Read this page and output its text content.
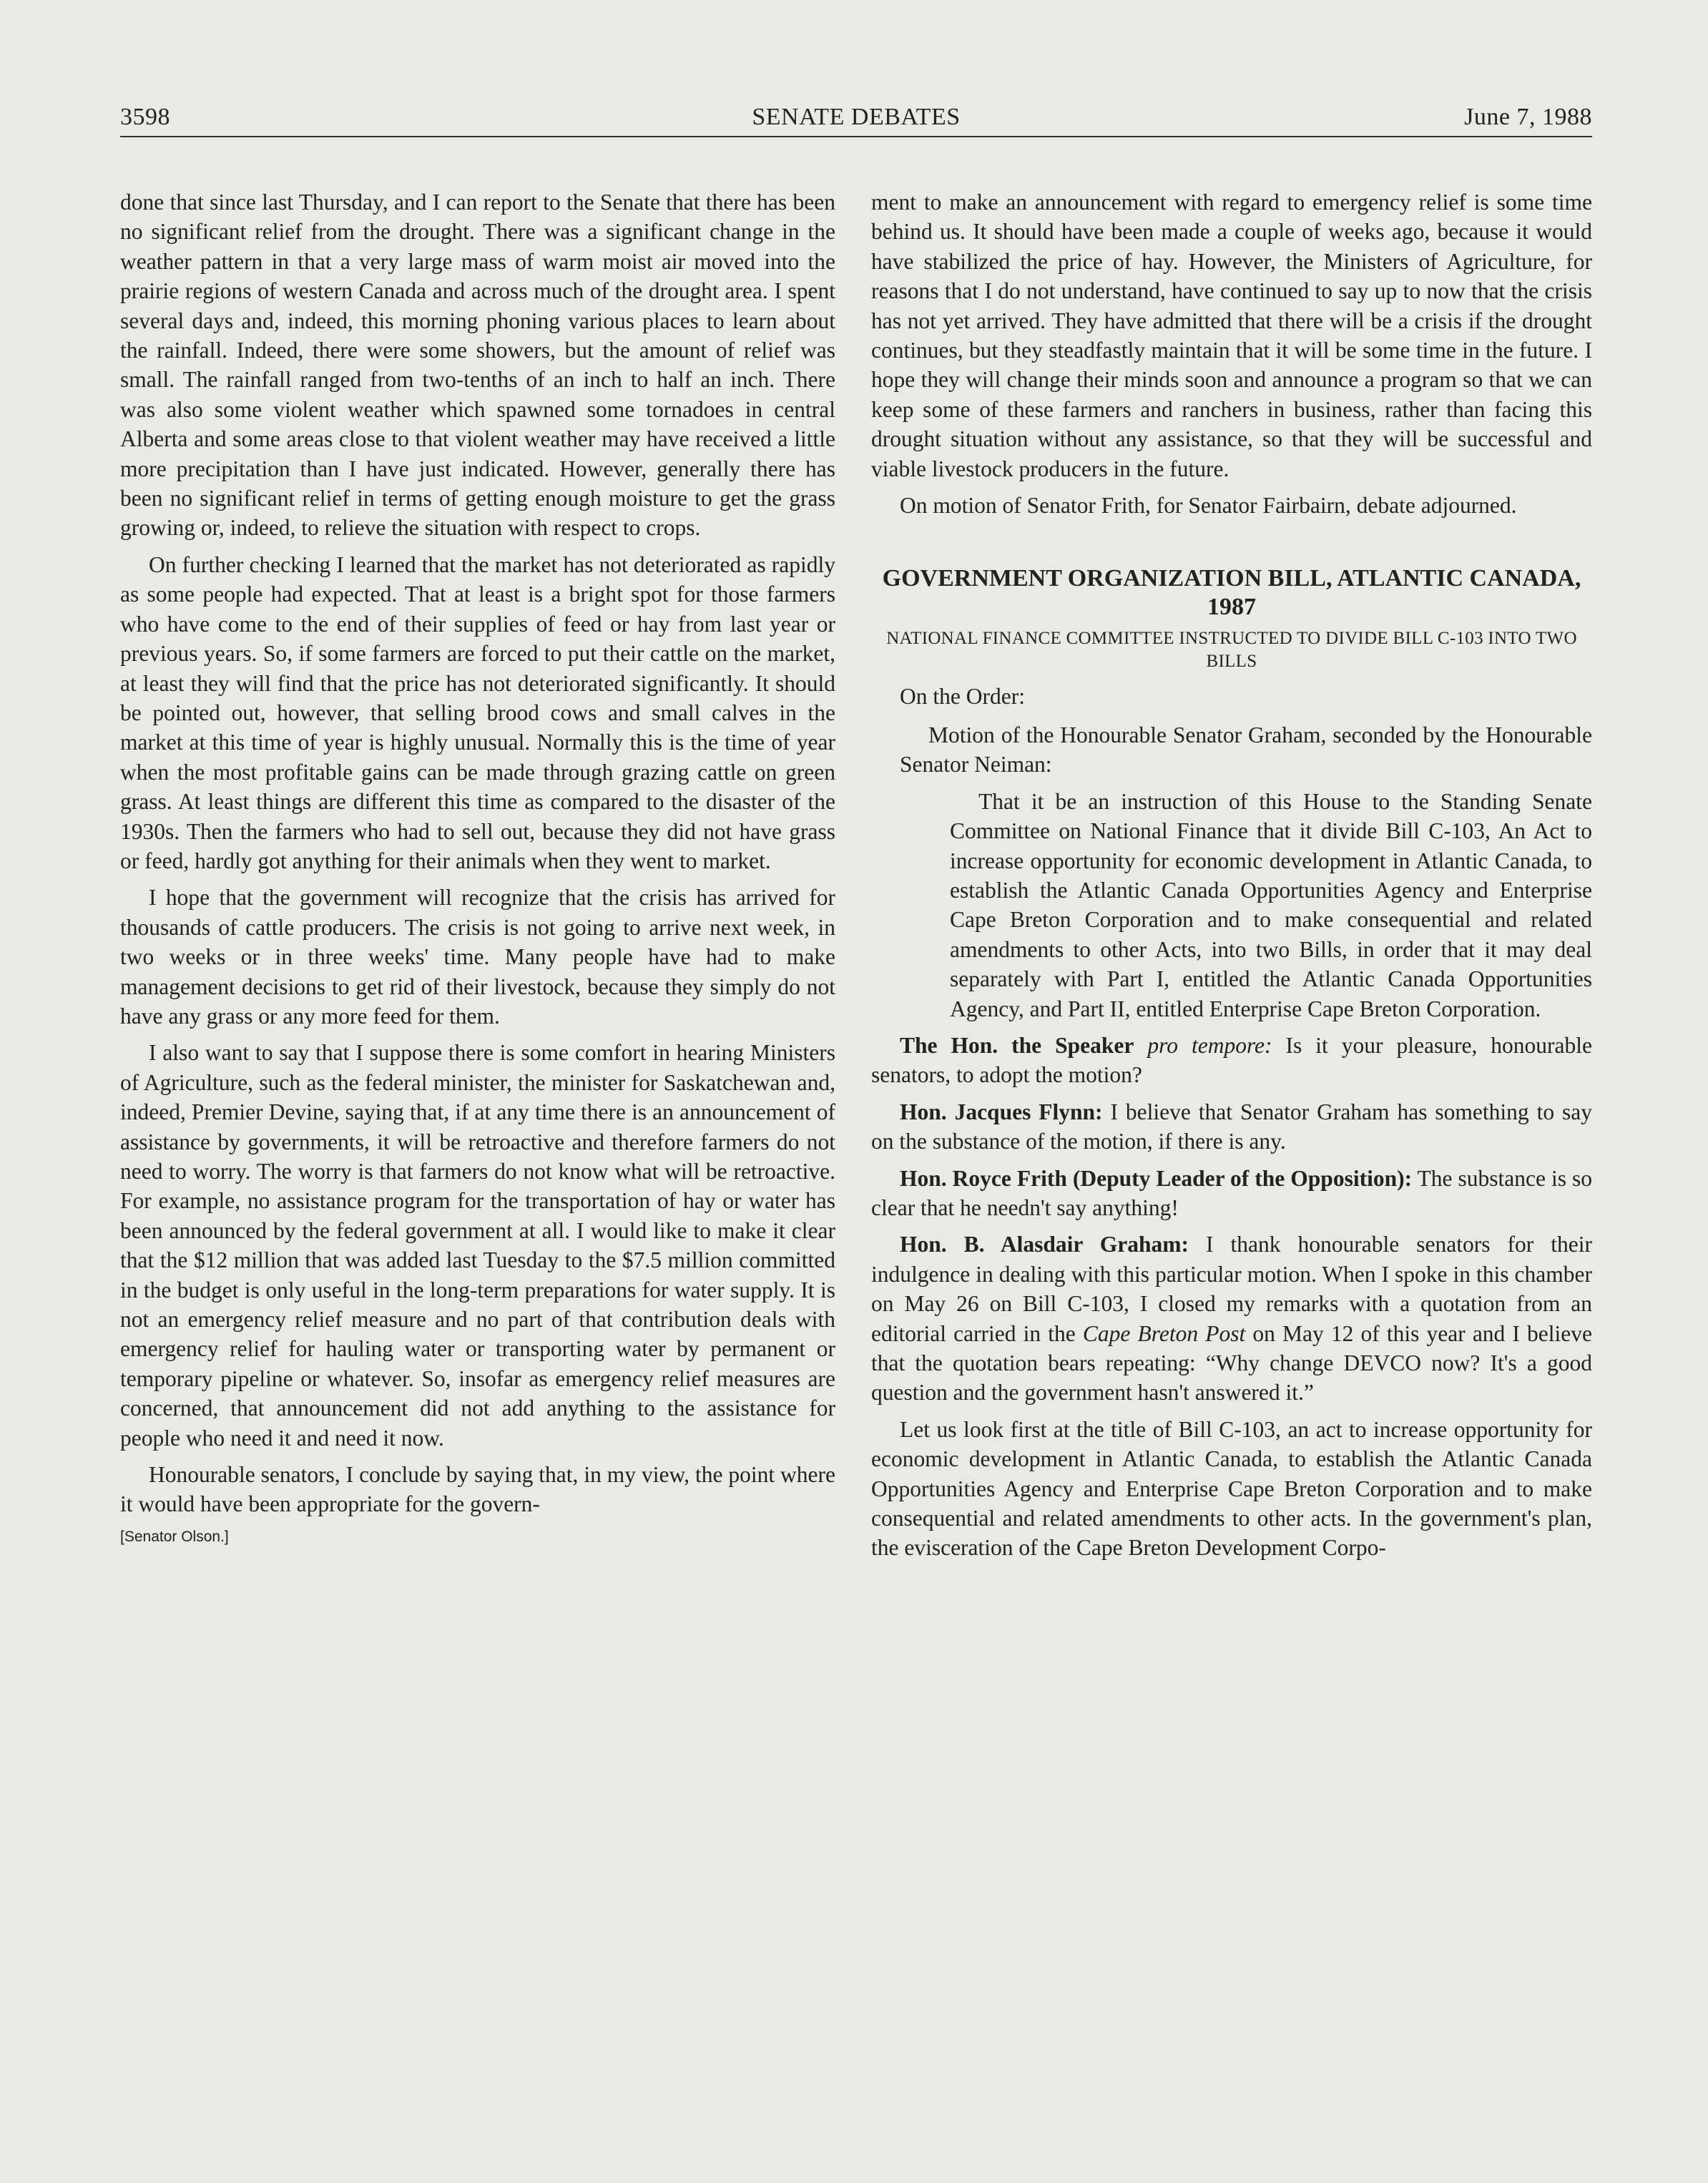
SENATE DEBATES
3598	June 7, 1988

done that since last Thursday, and I can report to the Senate that there has been no significant relief from the drought. There was a significant change in the weather pattern in that a very large mass of warm moist air moved into the prairie regions of western Canada and across much of the drought area. I spent several days and, indeed, this morning phoning various places to learn about the rainfall. Indeed, there were some showers, but the amount of relief was small. The rainfall ranged from two-tenths of an inch to half an inch. There was also some violent weather which spawned some tornadoes in central Alberta and some areas close to that violent weather may have received a little more precipitation than I have just indicated. However, generally there has been no significant relief in terms of getting enough moisture to get the grass growing or, indeed, to relieve the situation with respect to crops.

On further checking I learned that the market has not deteriorated as rapidly as some people had expected. That at least is a bright spot for those farmers who have come to the end of their supplies of feed or hay from last year or previous years. So, if some farmers are forced to put their cattle on the market, at least they will find that the price has not deteriorated significantly. It should be pointed out, however, that selling brood cows and small calves in the market at this time of year is highly unusual. Normally this is the time of year when the most profitable gains can be made through grazing cattle on green grass. At least things are different this time as compared to the disaster of the 1930s. Then the farmers who had to sell out, because they did not have grass or feed, hardly got anything for their animals when they went to market.

I hope that the government will recognize that the crisis has arrived for thousands of cattle producers. The crisis is not going to arrive next week, in two weeks or in three weeks' time. Many people have had to make management decisions to get rid of their livestock, because they simply do not have any grass or any more feed for them.

I also want to say that I suppose there is some comfort in hearing Ministers of Agriculture, such as the federal minister, the minister for Saskatchewan and, indeed, Premier Devine, saying that, if at any time there is an announcement of assistance by governments, it will be retroactive and therefore farmers do not need to worry. The worry is that farmers do not know what will be retroactive. For example, no assistance program for the transportation of hay or water has been announced by the federal government at all. I would like to make it clear that the $12 million that was added last Tuesday to the $7.5 million committed in the budget is only useful in the long-term preparations for water supply. It is not an emergency relief measure and no part of that contribution deals with emergency relief for hauling water or transporting water by permanent or temporary pipeline or whatever. So, insofar as emergency relief measures are concerned, that announcement did not add anything to the assistance for people who need it and need it now.

Honourable senators, I conclude by saying that, in my view, the point where it would have been appropriate for the govern-

[Senator Olson.]

ment to make an announcement with regard to emergency relief is some time behind us. It should have been made a couple of weeks ago, because it would have stabilized the price of hay. However, the Ministers of Agriculture, for reasons that I do not understand, have continued to say up to now that the crisis has not yet arrived. They have admitted that there will be a crisis if the drought continues, but they steadfastly maintain that it will be some time in the future. I hope they will change their minds soon and announce a program so that we can keep some of these farmers and ranchers in business, rather than facing this drought situation without any assistance, so that they will be successful and viable livestock producers in the future.

On motion of Senator Frith, for Senator Fairbairn, debate adjourned.

GOVERNMENT ORGANIZATION BILL, ATLANTIC CANADA, 1987
NATIONAL FINANCE COMMITTEE INSTRUCTED TO DIVIDE BILL C-103 INTO TWO BILLS

On the Order:

Motion of the Honourable Senator Graham, seconded by the Honourable Senator Neiman:

That it be an instruction of this House to the Standing Senate Committee on National Finance that it divide Bill C-103, An Act to increase opportunity for economic development in Atlantic Canada, to establish the Atlantic Canada Opportunities Agency and Enterprise Cape Breton Corporation and to make consequential and related amendments to other Acts, into two Bills, in order that it may deal separately with Part I, entitled the Atlantic Canada Opportunities Agency, and Part II, entitled Enterprise Cape Breton Corporation.

The Hon. the Speaker pro tempore: Is it your pleasure, honourable senators, to adopt the motion?

Hon. Jacques Flynn: I believe that Senator Graham has something to say on the substance of the motion, if there is any.

Hon. Royce Frith (Deputy Leader of the Opposition): The substance is so clear that he needn't say anything!

Hon. B. Alasdair Graham: I thank honourable senators for their indulgence in dealing with this particular motion. When I spoke in this chamber on May 26 on Bill C-103, I closed my remarks with a quotation from an editorial carried in the Cape Breton Post on May 12 of this year and I believe that the quotation bears repeating: “Why change DEVCO now? It's a good question and the government hasn't answered it.”

Let us look first at the title of Bill C-103, an act to increase opportunity for economic development in Atlantic Canada, to establish the Atlantic Canada Opportunities Agency and Enterprise Cape Breton Corporation and to make consequential and related amendments to other acts. In the government's plan, the evisceration of the Cape Breton Development Corpo-
